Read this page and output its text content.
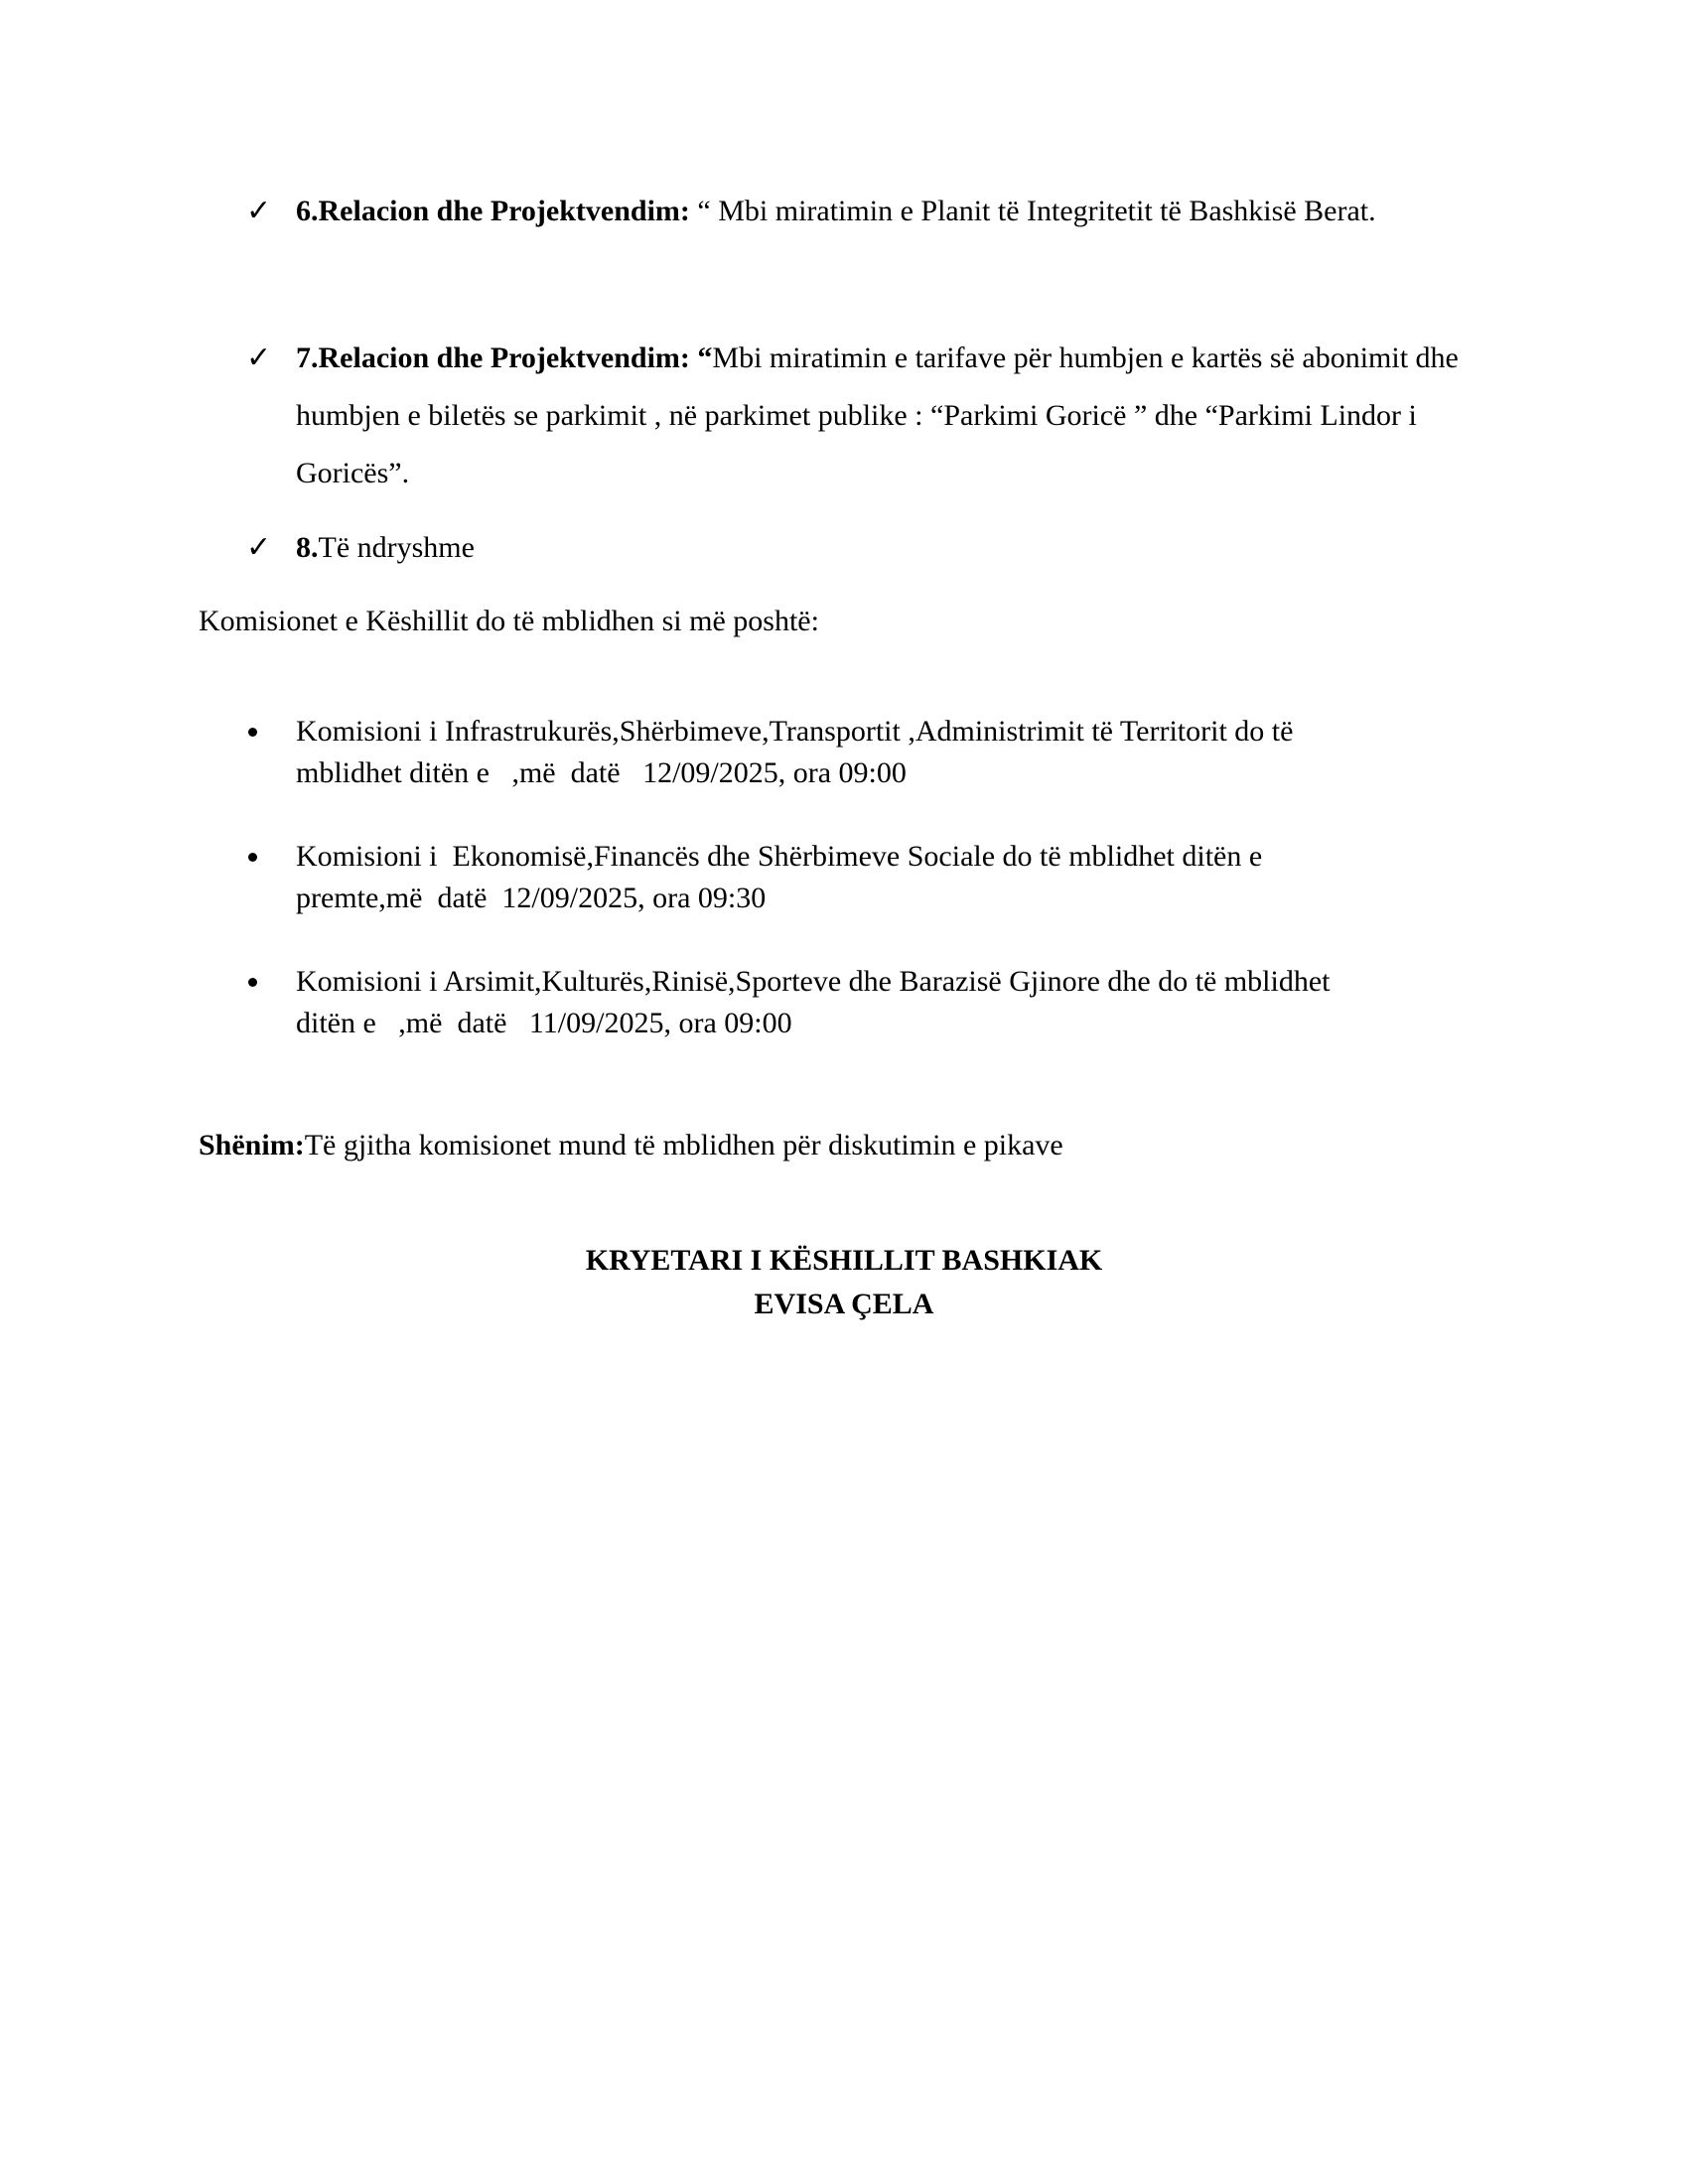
✓ 6.Relacion dhe Projektvendim: “ Mbi miratimin e Planit të Integritetit të Bashkisë Berat.
✓ 7.Relacion dhe Projektvendim: “Mbi miratimin e tarifave për humbjen e kartës së abonimit dhe humbjen e biletës se parkimit , në parkimet publike : “Parkimi Goricë ” dhe “Parkimi Lindor i Goricës”.
✓ 8.Të ndryshme
Komisionet e Këshillit do të mblidhen si më poshtë:
Komisioni i Infrastrukurës,Shërbimeve,Transportit ,Administrimit të Territorit do të
mblidhet ditën e   ,më  datë   12/09/2025, ora 09:00
Komisioni i  Ekonomisë,Financës dhe Shërbimeve Sociale do të mblidhet ditën e
premte,më  datë  12/09/2025, ora 09:30
Komisioni i Arsimit,Kulturës,Rinisë,Sporteve dhe Barazisë Gjinore dhe do të mblidhet
ditën e   ,më  datë   11/09/2025, ora 09:00
Shënim:Të gjitha komisionet mund të mblidhen për diskutimin e pikave
KRYETARI I KËSHILLIT BASHKIAK
EVISA ÇELA
